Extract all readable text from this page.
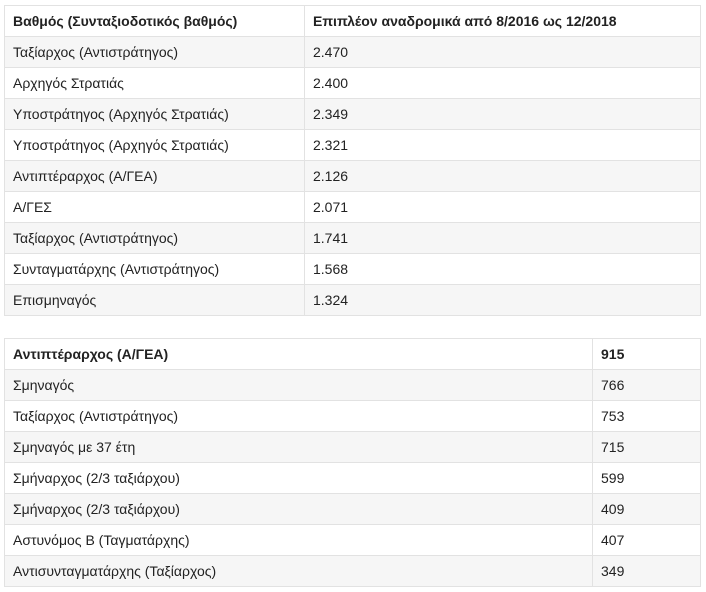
Βαθμός (Συνταξιοδοτικός βαθμός)	Επιπλέον αναδρομικά από 8/2016 ως 12/2018
Ταξίαρχος (Αντιστράτηγος)	2.470
Αρχηγός Στρατιάς	2.400
Υποστράτηγος (Αρχηγός Στρατιάς)	2.349
Υποστράτηγος (Αρχηγός Στρατιάς)	2.321
Αντιπτέραρχος (Α/ΓΕΑ)	2.126
Α/ΓΕΣ	2.071
Ταξίαρχος (Αντιστράτηγος)	1.741
Συνταγματάρχης (Αντιστράτηγος)	1.568
Επισμηναγός	1.324
Αντιπτέραρχος (Α/ΓΕΑ)	915
Σμηναγός	766
Ταξίαρχος (Αντιστράτηγος)	753
Σμηναγός με 37 έτη	715
Σμήναρχος (2/3 ταξιάρχου)	599
Σμήναρχος (2/3 ταξιάρχου)	409
Αστυνόμος Β (Ταγματάρχης)	407
Αντισυνταγματάρχης (Ταξίαρχος)	349
